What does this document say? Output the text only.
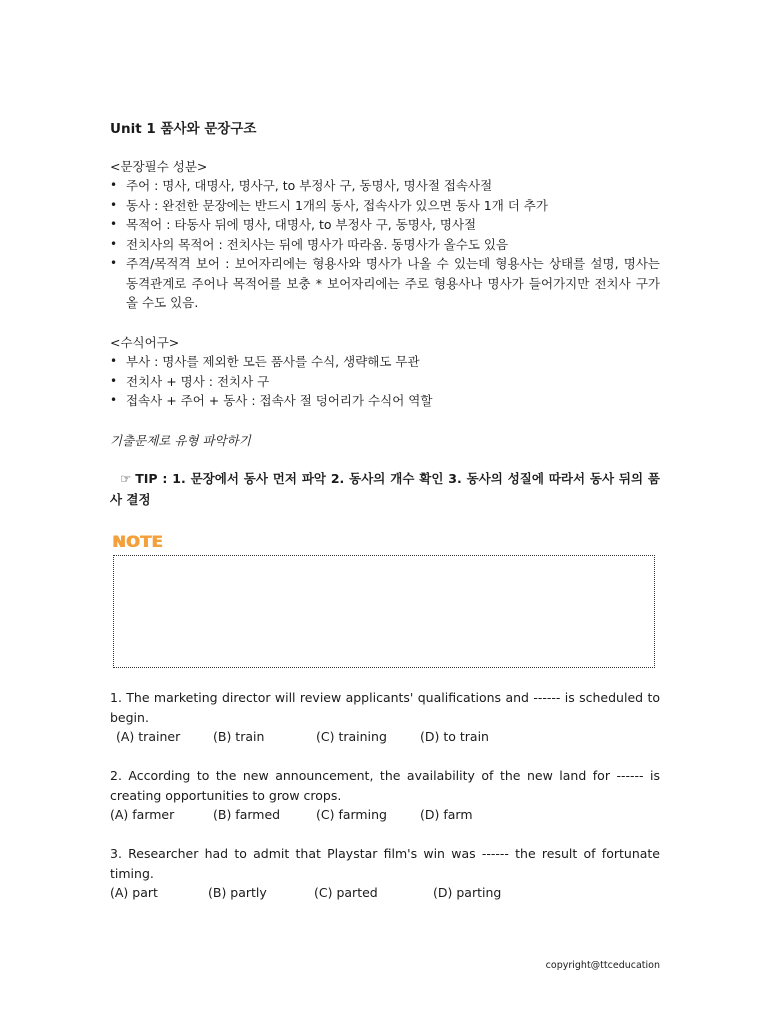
Unit 1 품사와 문장구조
<문장필수 성분>
• 주어 : 명사, 대명사, 명사구, to 부정사 구, 동명사, 명사절 접속사절
• 동사 : 완전한 문장에는 반드시 1개의 동사, 접속사가 있으면 동사 1개 더 추가
• 목적어 : 타동사 뒤에 명사, 대명사, to 부정사 구, 동명사, 명사절
• 전치사의 목적어 : 전치사는 뒤에 명사가 따라옴. 동명사가 올수도 있음
• 주격/목적격 보어 : 보어자리에는 형용사와 명사가 나올 수 있는데 형용사는 상태를 설명, 명사는 동격관계로 주어나 목적어를 보충 * 보어자리에는 주로 형용사나 명사가 들어가지만 전치사 구가 올 수도 있음.
<수식어구>
• 부사 : 명사를 제외한 모든 품사를 수식, 생략해도 무관
• 전치사 + 명사 : 전치사 구
• 접속사 + 주어 + 동사 : 접속사 절 덩어리가 수식어 역할
기출문제로 유형 파악하기
☞ TIP : 1. 문장에서 동사 먼저 파악 2. 동사의 개수 확인 3. 동사의 성질에 따라서 동사 뒤의 품사 결정
NOTE
1. The marketing director will review applicants' qualifications and ------ is scheduled to begin.
(A) trainer	(B) train	(C) training	(D) to train
2. According to the new announcement, the availability of the new land for ------ is creating opportunities to grow crops.
(A) farmer	(B) farmed	(C) farming	(D) farm
3. Researcher had to admit that Playstar film's win was ------ the result of fortunate timing.
(A) part	(B) partly	(C) parted	(D) parting
copyright@ttceducation
